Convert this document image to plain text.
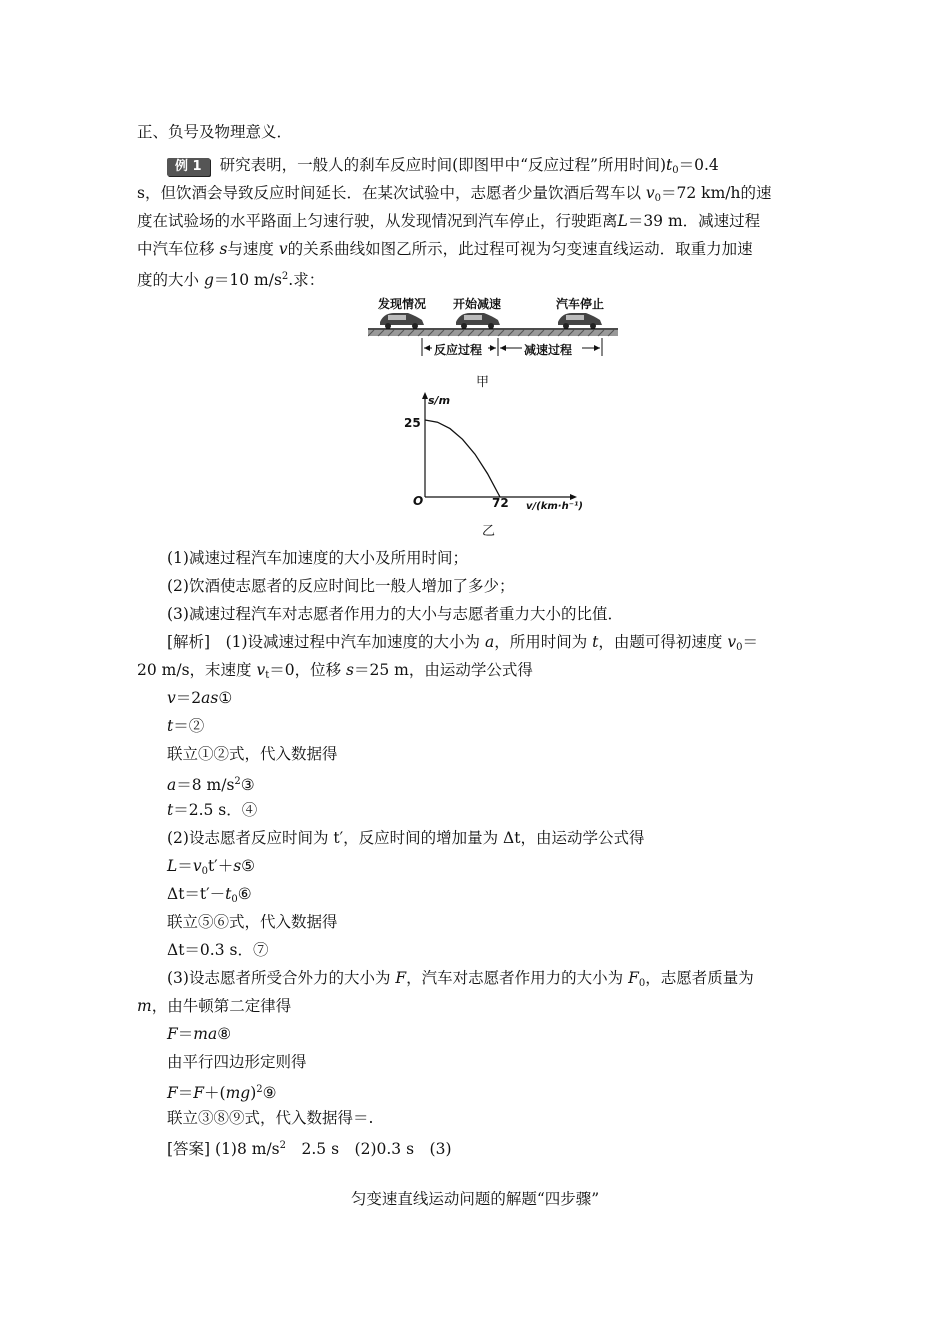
正、负号及物理意义．
例 1 研究表明，一般人的刹车反应时间(即图甲中“反应过程”所用时间)$t_0=0.4$
s，但饮酒会导致反应时间延长．在某次试验中，志愿者少量饮酒后驾车以 $v_0=72$ km/h的速
度在试验场的水平路面上匀速行驶，从发现情况到汽车停止，行驶距离L＝39 m．减速过程
中汽车位移 s与速度 v的关系曲线如图乙所示，此过程可视为匀变速直线运动．取重力加速
度的大小 g＝10 $m/s^2$.求：
发现情况 开始减速	汽车停止
反应过程	减速过程
甲
s/m
v/(km·h⁻¹)
O
25
72
乙
(1)减速过程汽车加速度的大小及所用时间；
(2)饮酒使志愿者的反应时间比一般人增加了多少；
(3)减速过程汽车对志愿者作用力的大小与志愿者重力大小的比值．
[解析]　(1)设减速过程中汽车加速度的大小为 a，所用时间为 t，由题可得初速度 $v_0=$
20 m/s，末速度 $v_t=0$，位移 s＝25 m，由运动学公式得
v＝2as①
t＝②
联立①②式，代入数据得
a＝8 $m/s^2③$
t＝2.5 s．④
(2)设志愿者反应时间为 t′，反应时间的增加量为 Δt，由运动学公式得
$L=v_0t'+s⑤$
$\Delta t=t'-t_0⑥$
联立⑤⑥式，代入数据得
Δt＝0.3 s．⑦
(3)设志愿者所受合外力的大小为 F，汽车对志愿者作用力的大小为 $F_0$，志愿者质量为
m，由牛顿第二定律得
F＝ma⑧
由平行四边形定则得
F＝F＋(mg)$^2$⑨
联立③⑧⑨式，代入数据得＝.
[答案] (1)8 $m/s^2$　2.5 s　(2)0.3 s　(3)
匀变速直线运动问题的解题“四步骤”
